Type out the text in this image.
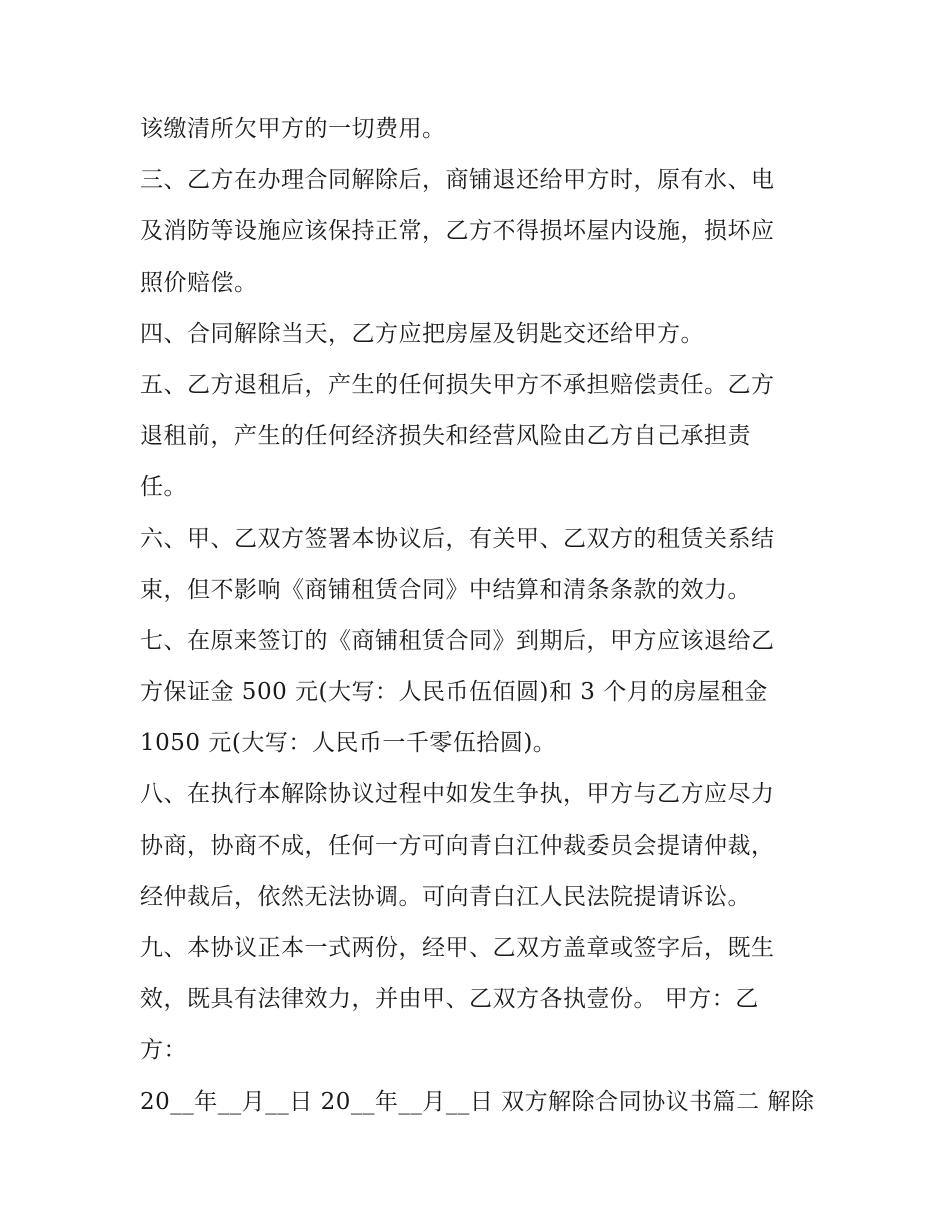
该缴清所欠甲方的一切费用。
三、乙方在办理合同解除后，商铺退还给甲方时，原有水、电
及消防等设施应该保持正常，乙方不得损坏屋内设施，损坏应
照价赔偿。
四、合同解除当天，乙方应把房屋及钥匙交还给甲方。
五、乙方退租后，产生的任何损失甲方不承担赔偿责任。乙方
退租前，产生的任何经济损失和经营风险由乙方自己承担责
任。
六、甲、乙双方签署本协议后，有关甲、乙双方的租赁关系结
束，但不影响《商铺租赁合同》中结算和清条条款的效力。
七、在原来签订的《商铺租赁合同》到期后，甲方应该退给乙
方保证金 500 元(大写：人民币伍佰圆)和 3 个月的房屋租金
1050 元(大写：人民币一千零伍拾圆)。
八、在执行本解除协议过程中如发生争执，甲方与乙方应尽力
协商，协商不成，任何一方可向青白江仲裁委员会提请仲裁，
经仲裁后，依然无法协调。可向青白江人民法院提请诉讼。
九、本协议正本一式两份，经甲、乙双方盖章或签字后，既生
效，既具有法律效力，并由甲、乙双方各执壹份。 甲方：乙
方：
20__年__月__日 20__年__月__日 双方解除合同协议书篇二 解除
